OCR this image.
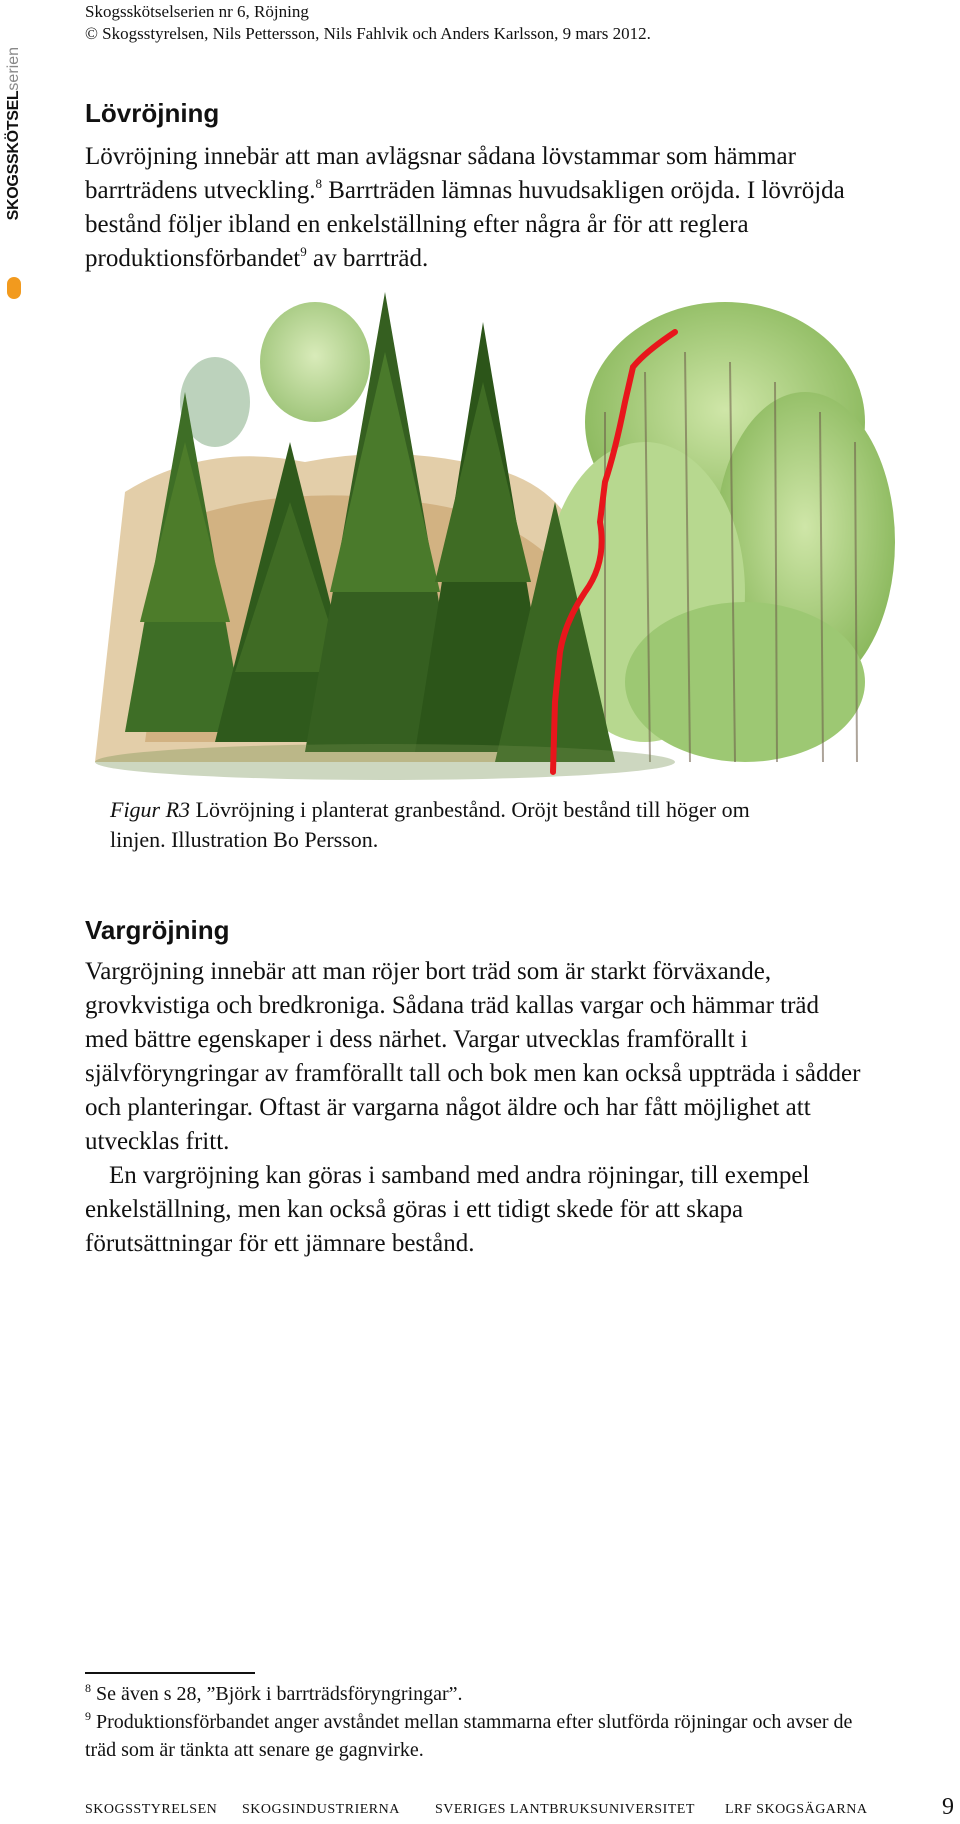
Skogsskötselserien nr 6, Röjning
© Skogsstyrelsen, Nils Pettersson, Nils Fahlvik och Anders Karlsson, 9 mars 2012.
SKOGSSKÖTSELserien
Lövröjning

Lövröjning innebär att man avlägsnar sådana lövstammar som hämmar barrträdens utveckling.$^8$ Barrträden lämnas huvudsakligen oröjda. I lövröjda bestånd följer ibland en enkelställning efter några år för att reglera produktionsförbandet$^9$ av barrträd.

Figur R3 Lövröjning i planterat granbestånd. Oröjt bestånd till höger om linjen. Illustration Bo Persson.
Vargröjning

Vargröjning innebär att man röjer bort träd som är starkt förväxande, grovkvistiga och bredkroniga. Sådana träd kallas vargar och hämmar träd med bättre egenskaper i dess närhet. Vargar utvecklas framförallt i självföryngringar av framförallt tall och bok men kan också uppträda i sådder och planteringar. Oftast är vargarna något äldre och har fått möjlighet att utvecklas fritt.

En vargröjning kan göras i samband med andra röjningar, till exempel enkelställning, men kan också göras i ett tidigt skede för att skapa förutsättningar för ett jämnare bestånd.

$^8$ Se även s 28, ”Björk i barrträdsföryngringar”.
$^9$ Produktionsförbandet anger avståndet mellan stammarna efter slutförda röjningar och avser de träd som är tänkta att senare ge gagnvirke.
SKOGSSTYRELSEN SKOGSINDUSTRIERNA	SVERIGES LANTBRUKSUNIVERSITET LRF SKOGSÄGARNA	9
